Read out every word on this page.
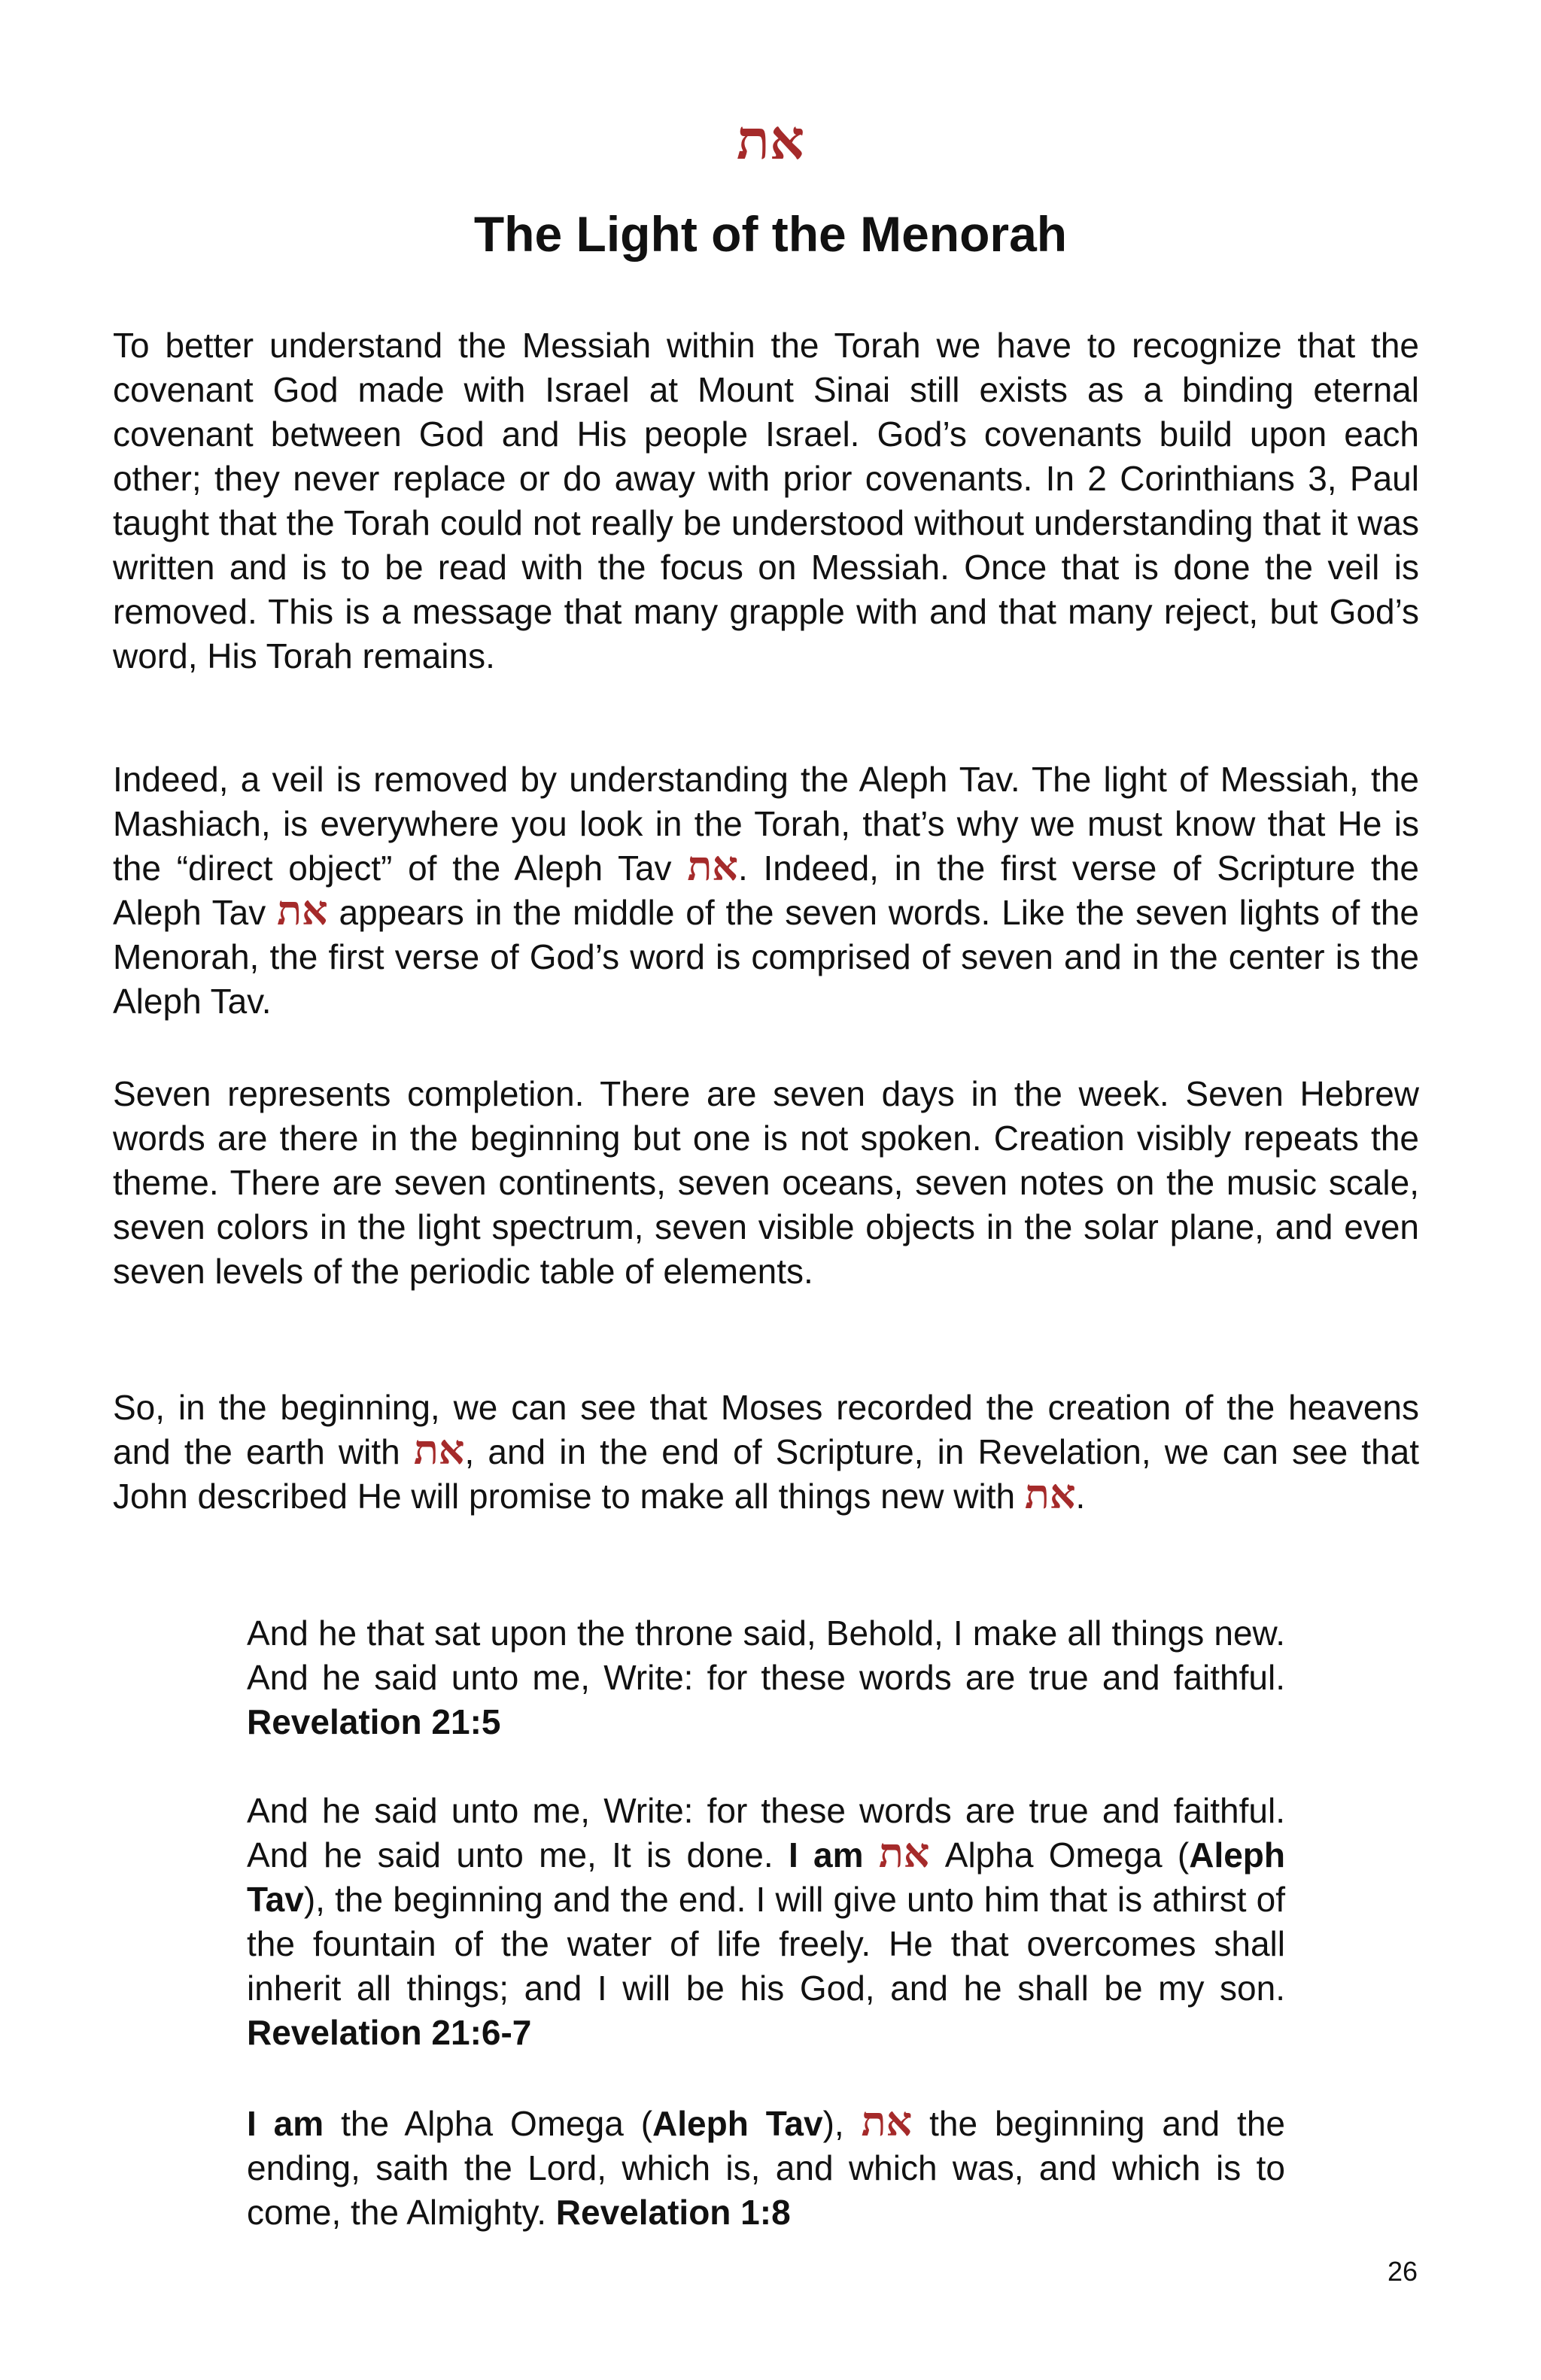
את
The Light of the Menorah

To better understand the Messiah within the Torah we have to recognize that the covenant God made with Israel at Mount Sinai still exists as a binding eternal covenant between God and His people Israel. God’s covenants build upon each other; they never replace or do away with prior covenants. In 2 Corinthians 3, Paul taught that the Torah could not really be understood without understanding that it was written and is to be read with the focus on Messiah. Once that is done the veil is removed. This is a message that many grapple with and that many reject, but God’s word, His Torah remains.

Indeed, a veil is removed by understanding the Aleph Tav. The light of Messiah, the Mashiach, is everywhere you look in the Torah, that’s why we must know that He is the “direct object” of the Aleph Tav את. Indeed, in the first verse of Scripture the Aleph Tav את appears in the middle of the seven words. Like the seven lights of the Menorah, the first verse of God’s word is comprised of seven and in the center is the Aleph Tav.

Seven represents completion. There are seven days in the week. Seven Hebrew words are there in the beginning but one is not spoken. Creation visibly repeats the theme. There are seven continents, seven oceans, seven notes on the music scale, seven colors in the light spectrum, seven visible objects in the solar plane, and even seven levels of the periodic table of elements.

So, in the beginning, we can see that Moses recorded the creation of the heavens and the earth with את, and in the end of Scripture, in Revelation, we can see that John described He will promise to make all things new with את.

And he that sat upon the throne said, Behold, I make all things new. And he said unto me, Write: for these words are true and faithful. Revelation 21:5

And he said unto me, Write: for these words are true and faithful. And he said unto me, It is done. I am את Alpha Omega (Aleph Tav), the beginning and the end. I will give unto him that is athirst of the fountain of the water of life freely. He that overcomes shall inherit all things; and I will be his God, and he shall be my son. Revelation 21:6-7

I am the Alpha Omega (Aleph Tav), את the beginning and the ending, saith the Lord, which is, and which was, and which is to come, the Almighty. Revelation 1:8

26
